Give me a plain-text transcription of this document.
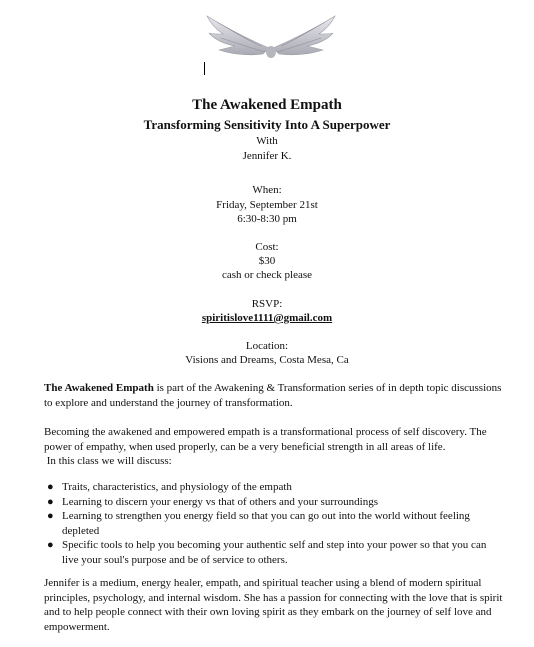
The Awakened Empath
Transforming Sensitivity Into A Superpower
With
Jennifer K.
When:
Friday, September 21st
6:30-8:30 pm
Cost:
$30
cash or check please
RSVP:
spiritislove1111@gmail.com
Location:
Visions and Dreams, Costa Mesa, Ca
The Awakened Empath is part of the Awakening & Transformation series of in depth topic discussions
to explore and understand the journey of transformation.
Becoming the awakened and empowered empath is a transformational process of self discovery. The
power of empathy, when used properly, can be a very beneficial strength in all areas of life.
In this class we will discuss:
● Traits, characteristics, and physiology of the empath
● Learning to discern your energy vs that of others and your surroundings
● Learning to strengthen you energy field so that you can go out into the world without feeling
depleted
● Specific tools to help you becoming your authentic self and step into your power so that you can
live your soul's purpose and be of service to others.
Jennifer is a medium, energy healer, empath, and spiritual teacher using a blend of modern spiritual
principles, psychology, and internal wisdom. She has a passion for connecting with the love that is spirit
and to help people connect with their own loving spirit as they embark on the journey of self love and
empowerment.
